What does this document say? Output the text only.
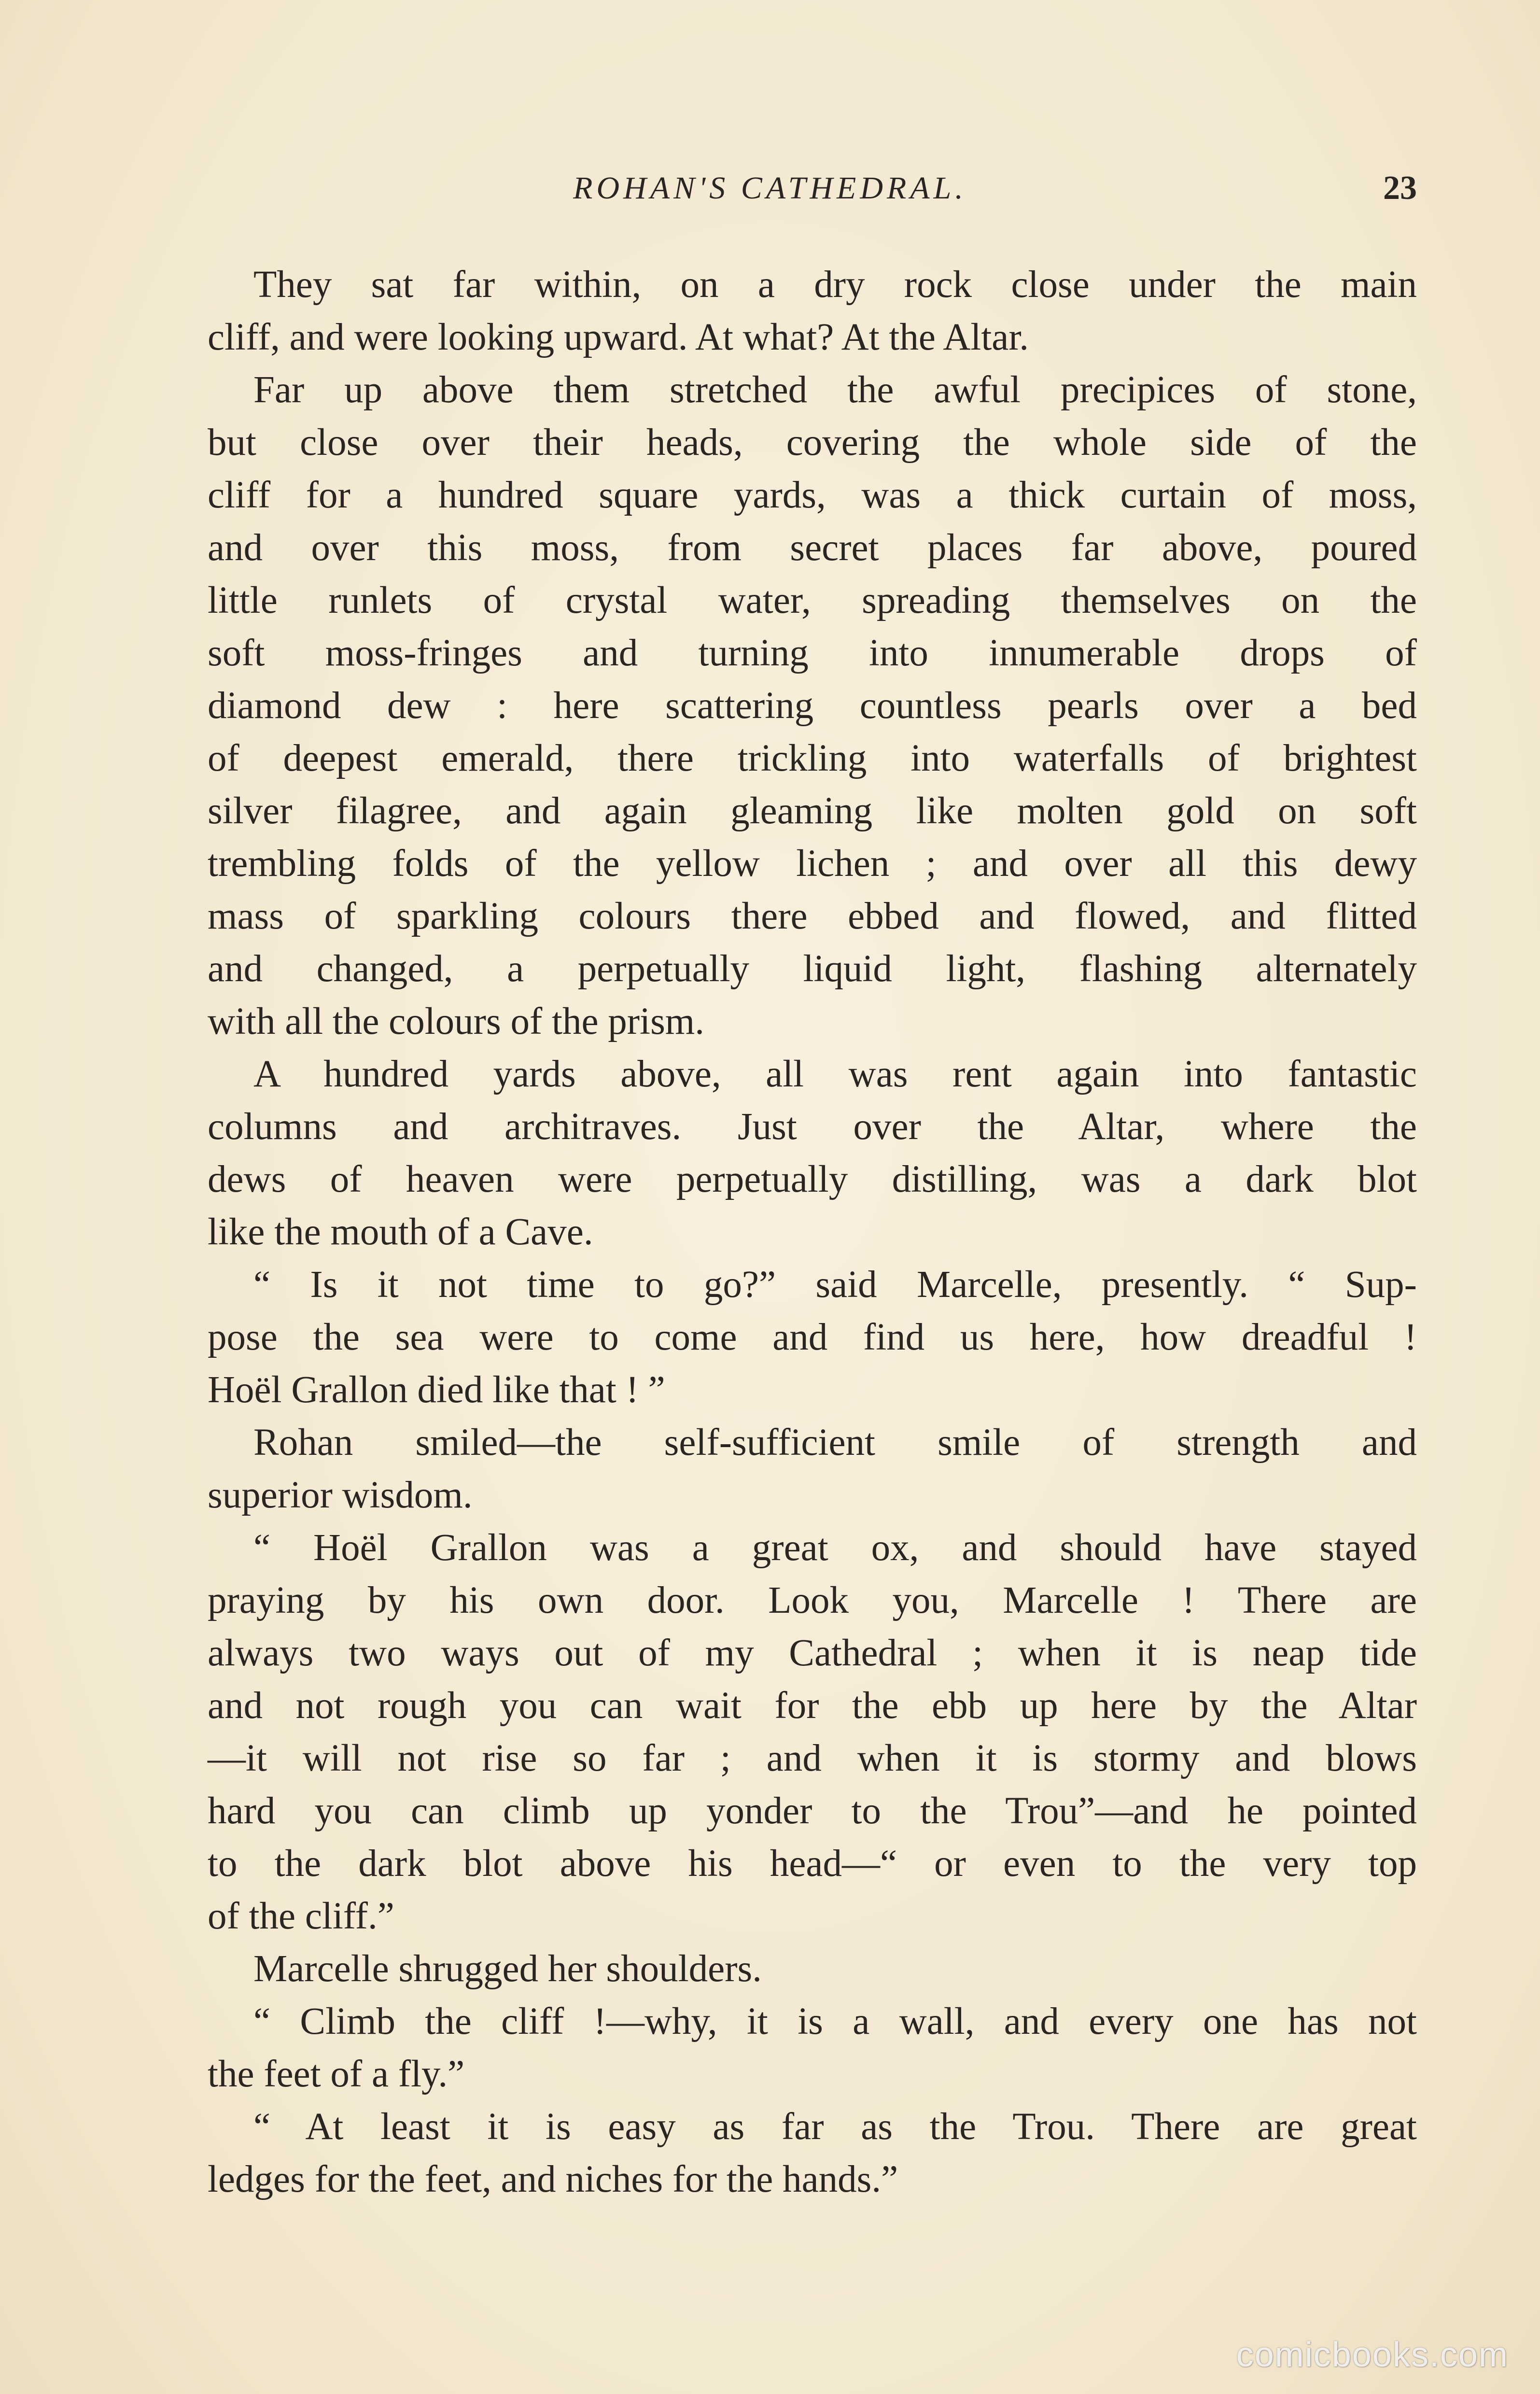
ROHAN'S CATHEDRAL.	23
They sat far within, on a dry rock close under the main
cliff, and were looking upward. At what? At the Altar.
Far up above them stretched the awful precipices of stone,
but close over their heads, covering the whole side of the
cliff for a hundred square yards, was a thick curtain of moss,
and over this moss, from secret places far above, poured
little runlets of crystal water, spreading themselves on the
soft moss-fringes and turning into innumerable drops of
diamond dew : here scattering countless pearls over a bed
of deepest emerald, there trickling into waterfalls of brightest
silver filagree, and again gleaming like molten gold on soft
trembling folds of the yellow lichen ; and over all this dewy
mass of sparkling colours there ebbed and flowed, and flitted
and changed, a perpetually liquid light, flashing alternately
with all the colours of the prism.
A hundred yards above, all was rent again into fantastic
columns and architraves. Just over the Altar, where the
dews of heaven were perpetually distilling, was a dark blot
like the mouth of a Cave.
“ Is it not time to go?” said Marcelle, presently. “ Sup-
pose the sea were to come and find us here, how dreadful !
Hoël Grallon died like that ! ”
Rohan smiled—the self-sufficient smile of strength and
superior wisdom.
“ Hoël Grallon was a great ox, and should have stayed
praying by his own door. Look you, Marcelle ! There are
always two ways out of my Cathedral ; when it is neap tide
and not rough you can wait for the ebb up here by the Altar
—it will not rise so far ; and when it is stormy and blows
hard you can climb up yonder to the Trou”—and he pointed
to the dark blot above his head—“ or even to the very top
of the cliff.”
Marcelle shrugged her shoulders.
“ Climb the cliff !—why, it is a wall, and every one has not
the feet of a fly.”
“ At least it is easy as far as the Trou. There are great
ledges for the feet, and niches for the hands.”
comicbooks.com
